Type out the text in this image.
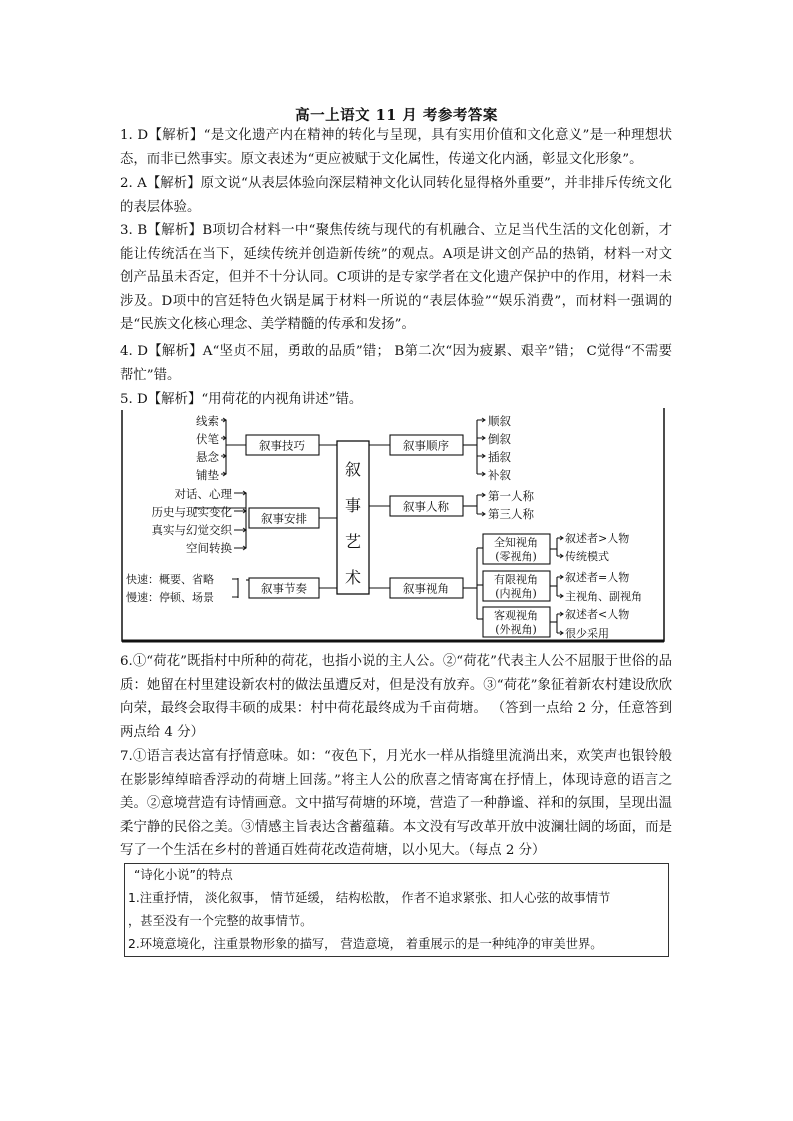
高一上语文 11 月 考参考答案
1. D【解析】“是文化遗产内在精神的转化与呈现，具有实用价值和文化意义”是一种理想状态，而非已然事实。原文表述为“更应被赋于文化属性，传递文化内涵，彰显文化形象”。
2. A【解析】原文说“从表层体验向深层精神文化认同转化显得格外重要”，并非排斥传统文化的表层体验。
3. B【解析】B项切合材料一中“聚焦传统与现代的有机融合、立足当代生活的文化创新，才能让传统活在当下，延续传统并创造新传统”的观点。A项是讲文创产品的热销，材料一对文创产品虽未否定，但并不十分认同。C项讲的是专家学者在文化遗产保护中的作用，材料一未涉及。D项中的宫廷特色火锅是属于材料一所说的“表层体验”“娱乐消费”，而材料一强调的是“民族文化核心理念、美学精髓的传承和发扬”。
4. D【解析】A“坚贞不屈，勇敢的品质”错； B第二次“因为疲累、艰辛”错； C觉得“不需要帮忙”错。
5. D【解析】“用荷花的内视角讲述”错。
叙
事
艺
术
线索
伏笔
悬念
铺垫
叙事技巧
对话、心理
历史与现实变化
真实与幻觉交织
空间转换
叙事安排
快速：概要、省略
慢速：停顿、场景
叙事节奏
叙事顺序
顺叙
倒叙
插叙
补叙
叙事人称
第一人称
第三人称
叙事视角
全知视角
(零视角)
有限视角
(内视角)
客观视角
(外视角)
叙述者>人物
传统模式
叙述者=人物
主视角、副视角
叙述者<人物
很少采用
6.①“荷花”既指村中所种的荷花，也指小说的主人公。②“荷花”代表主人公不屈服于世俗的品质：她留在村里建设新农村的做法虽遭反对，但是没有放弃。③“荷花”象征着新农村建设欣欣向荣，最终会取得丰硕的成果：村中荷花最终成为千亩荷塘。 （答到一点给 2 分，任意答到两点给 4 分）
7.①语言表达富有抒情意味。如：“夜色下，月光水一样从指缝里流淌出来，欢笑声也银铃般在影影绰绰暗香浮动的荷塘上回荡。”将主人公的欣喜之情寄寓在抒情上，体现诗意的语言之美。②意境营造有诗情画意。文中描写荷塘的环境，营造了一种静谧、祥和的氛围，呈现出温柔宁静的民俗之美。③情感主旨表达含蓄蕴藉。本文没有写改革开放中波澜壮阔的场面，而是写了一个生活在乡村的普通百姓荷花改造荷塘，以小见大。（每点 2 分）
“诗化小说”的特点
1.注重抒情， 淡化叙事， 情节延缓， 结构松散， 作者不追求紧张、扣人心弦的故事情节
，甚至没有一个完整的故事情节。
2.环境意境化，注重景物形象的描写， 营造意境， 着重展示的是一种纯净的审美世界。
